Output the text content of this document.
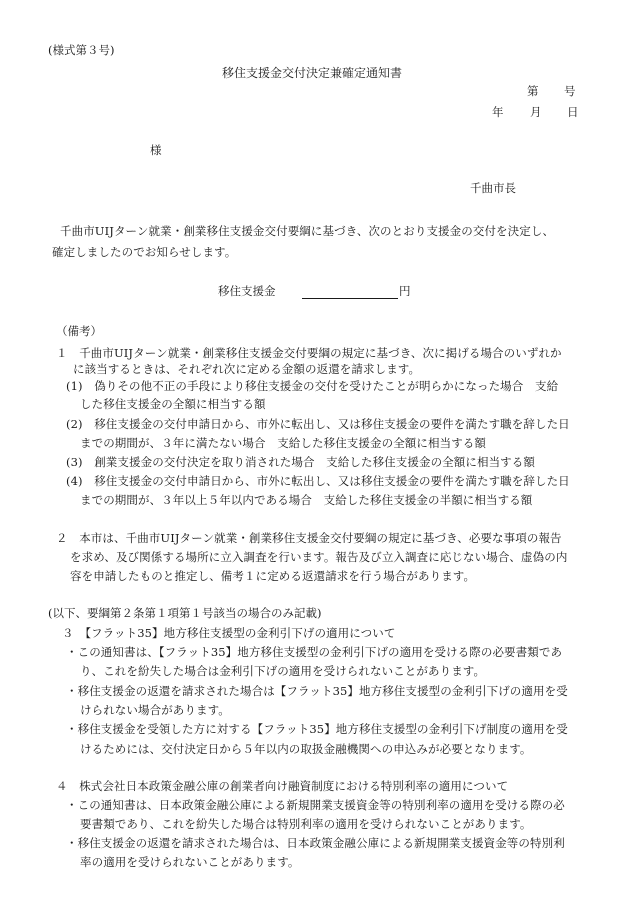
(様式第３号)
移住支援金交付決定兼確定通知書
第 号
年 月 日
様
千曲市長
千曲市UIJターン就業・創業移住支援金交付要綱に基づき、次のとおり支援金の交付を決定し、
確定しましたのでお知らせします。
移住支援金	円
（備考）
１　千曲市UIJターン就業・創業移住支援金交付要綱の規定に基づき、次に掲げる場合のいずれか
に該当するときは、それぞれ次に定める金額の返還を請求します。
(1)　偽りその他不正の手段により移住支援金の交付を受けたことが明らかになった場合　支給
した移住支援金の全額に相当する額
(2)　移住支援金の交付申請日から、市外に転出し、又は移住支援金の要件を満たす職を辞した日
までの期間が、３年に満たない場合　支給した移住支援金の全額に相当する額
(3)　創業支援金の交付決定を取り消された場合　支給した移住支援金の全額に相当する額
(4)　移住支援金の交付申請日から、市外に転出し、又は移住支援金の要件を満たす職を辞した日
までの期間が、３年以上５年以内である場合　支給した移住支援金の半額に相当する額
２　本市は、千曲市UIJターン就業・創業移住支援金交付要綱の規定に基づき、必要な事項の報告
を求め、及び関係する場所に立入調査を行います。報告及び立入調査に応じない場合、虚偽の内
容を申請したものと推定し、備考１に定める返還請求を行う場合があります。
(以下、要綱第２条第１項第１号該当の場合のみ記載)
３　【フラット35】地方移住支援型の金利引下げの適用について
・この通知書は、【フラット35】地方移住支援型の金利引下げの適用を受ける際の必要書類であ
り、これを紛失した場合は金利引下げの適用を受けられないことがあります。
・移住支援金の返還を請求された場合は【フラット35】地方移住支援型の金利引下げの適用を受
けられない場合があります。
・移住支援金を受領した方に対する【フラット35】地方移住支援型の金利引下げ制度の適用を受
けるためには、交付決定日から５年以内の取扱金融機関への申込みが必要となります。
４　株式会社日本政策金融公庫の創業者向け融資制度における特別利率の適用について
・この通知書は、日本政策金融公庫による新規開業支援資金等の特別利率の適用を受ける際の必
要書類であり、これを紛失した場合は特別利率の適用を受けられないことがあります。
・移住支援金の返還を請求された場合は、日本政策金融公庫による新規開業支援資金等の特別利
率の適用を受けられないことがあります。
